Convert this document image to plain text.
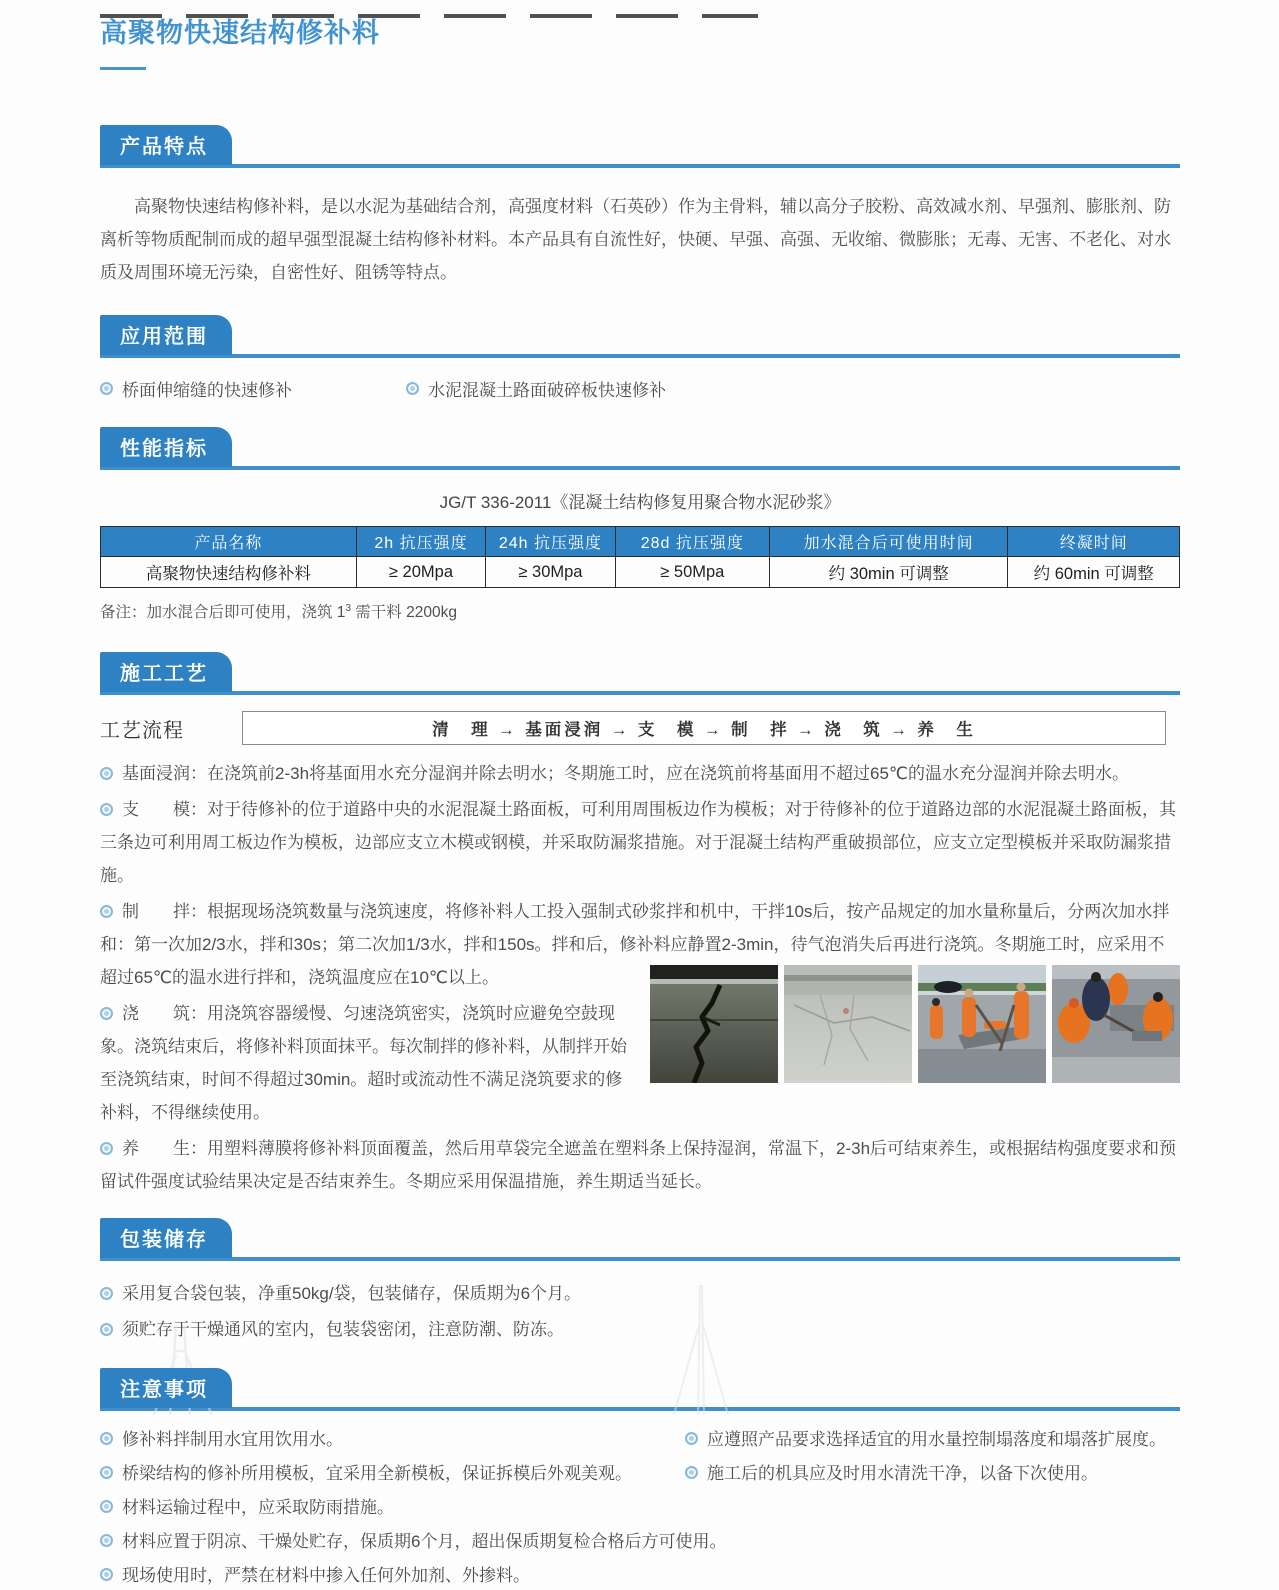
高聚物快速结构修补料
产品特点

高聚物快速结构修补料，是以水泥为基础结合剂，高强度材料（石英砂）作为主骨料，辅以高分子胶粉、高效减水剂、早强剂、膨胀剂、防离析等物质配制而成的超早强型混凝土结构修补材料。本产品具有自流性好，快硬、早强、高强、无收缩、微膨胀；无毒、无害、不老化、对水质及周围环境无污染，自密性好、阻锈等特点。

应用范围
桥面伸缩缝的快速修补	水泥混凝土路面破碎板快速修补
性能指标
JG/T 336-2011《混凝土结构修复用聚合物水泥砂浆》
产品名称	2h 抗压强度	24h 抗压强度	28d 抗压强度	加水混合后可使用时间	终凝时间
高聚物快速结构修补料	≥ 20Mpa	≥ 30Mpa	≥ 50Mpa	约 30min 可调整	约 60min 可调整

备注：加水混合后即可使用，浇筑 $1^3$ 需干料 2200kg

施工工艺
工艺流程	清　理 → 基面浸润 → 支　模 → 制　拌 → 浇　筑 → 养　生
基面浸润：在浇筑前2-3h将基面用水充分湿润并除去明水；冬期施工时，应在浇筑前将基面用不超过65℃的温水充分湿润并除去明水。
支　　模：对于待修补的位于道路中央的水泥混凝土路面板，可利用周围板边作为模板；对于待修补的位于道路边部的水泥混凝土路面板，其三条边可利用周工板边作为模板，边部应支立木模或钢模，并采取防漏浆措施。对于混凝土结构严重破损部位，应支立定型模板并采取防漏浆措施。
制　　拌：根据现场浇筑数量与浇筑速度，将修补料人工投入强制式砂浆拌和机中，干拌10s后，按产品规定的加水量称量后，分两次加水拌和：第一次加2/3水，拌和30s；第二次加1/3水，拌和150s。拌和后，修补料应静置2-3min，待气泡消失后再进行浇筑。冬期施工时，应采用不超过65℃的温水进行拌和，浇筑温度应在10℃以上。
浇　　筑：用浇筑容器缓慢、匀速浇筑密实，浇筑时应避免空鼓现象。浇筑结束后，将修补料顶面抹平。每次制拌的修补料，从制拌开始至浇筑结束，时间不得超过30min。超时或流动性不满足浇筑要求的修补料，不得继续使用。
养　　生：用塑料薄膜将修补料顶面覆盖，然后用草袋完全遮盖在塑料条上保持湿润，常温下，2-3h后可结束养生，或根据结构强度要求和预留试件强度试验结果决定是否结束养生。冬期应采用保温措施，养生期适当延长。
包装储存
采用复合袋包装，净重50kg/袋，包装储存，保质期为6个月。
须贮存于干燥通风的室内，包装袋密闭，注意防潮、防冻。
注意事项
修补料拌制用水宜用饮用水。	应遵照产品要求选择适宜的用水量控制塌落度和塌落扩展度。
桥梁结构的修补所用模板，宜采用全新模板，保证拆模后外观美观。	施工后的机具应及时用水清洗干净，以备下次使用。
材料运输过程中，应采取防雨措施。
材料应置于阴凉、干燥处贮存，保质期6个月，超出保质期复检合格后方可使用。
现场使用时，严禁在材料中掺入任何外加剂、外掺料。
